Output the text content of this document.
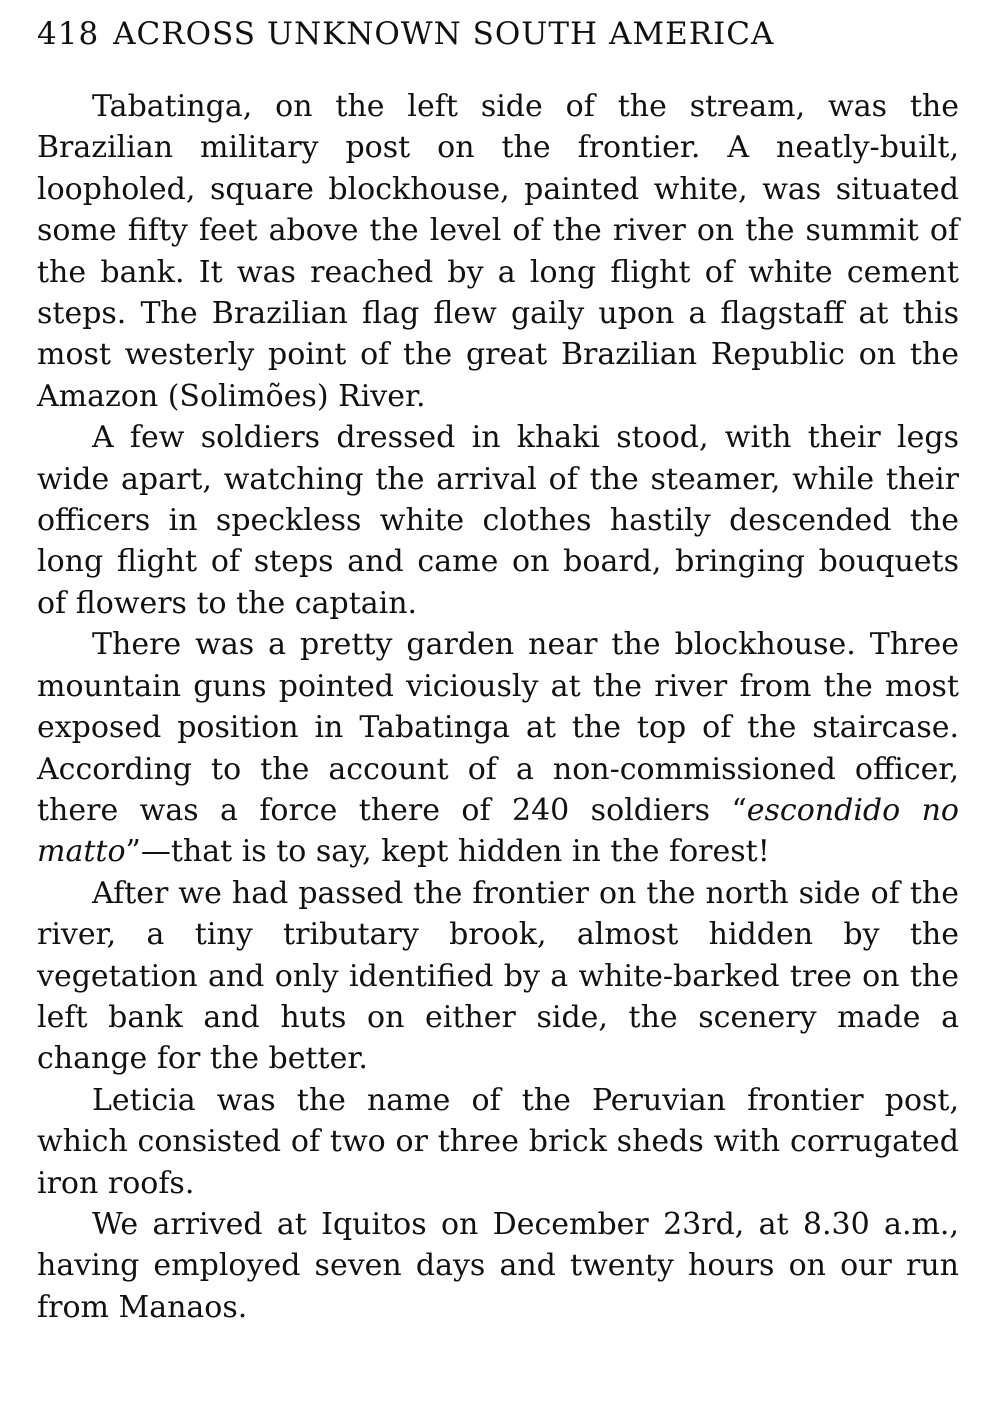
418 ACROSS UNKNOWN SOUTH AMERICA

Tabatinga, on the left side of the stream, was the Brazilian military post on the frontier. A neatly-built, loopholed, square blockhouse, painted white, was situated some fifty feet above the level of the river on the summit of the bank. It was reached by a long flight of white cement steps. The Brazilian flag flew gaily upon a flagstaff at this most westerly point of the great Brazilian Republic on the Amazon (Solimões) River.

A few soldiers dressed in khaki stood, with their legs wide apart, watching the arrival of the steamer, while their officers in speckless white clothes hastily descended the long flight of steps and came on board, bringing bouquets of flowers to the captain.

There was a pretty garden near the blockhouse. Three mountain guns pointed viciously at the river from the most exposed position in Tabatinga at the top of the staircase. According to the account of a non-commissioned officer, there was a force there of 240 soldiers “escondido no matto”—that is to say, kept hidden in the forest!

After we had passed the frontier on the north side of the river, a tiny tributary brook, almost hidden by the vegetation and only identified by a white-barked tree on the left bank and huts on either side, the scenery made a change for the better.

Leticia was the name of the Peruvian frontier post, which consisted of two or three brick sheds with corrugated iron roofs.

We arrived at Iquitos on December 23rd, at 8.30 a.m., having employed seven days and twenty hours on our run from Manaos.
